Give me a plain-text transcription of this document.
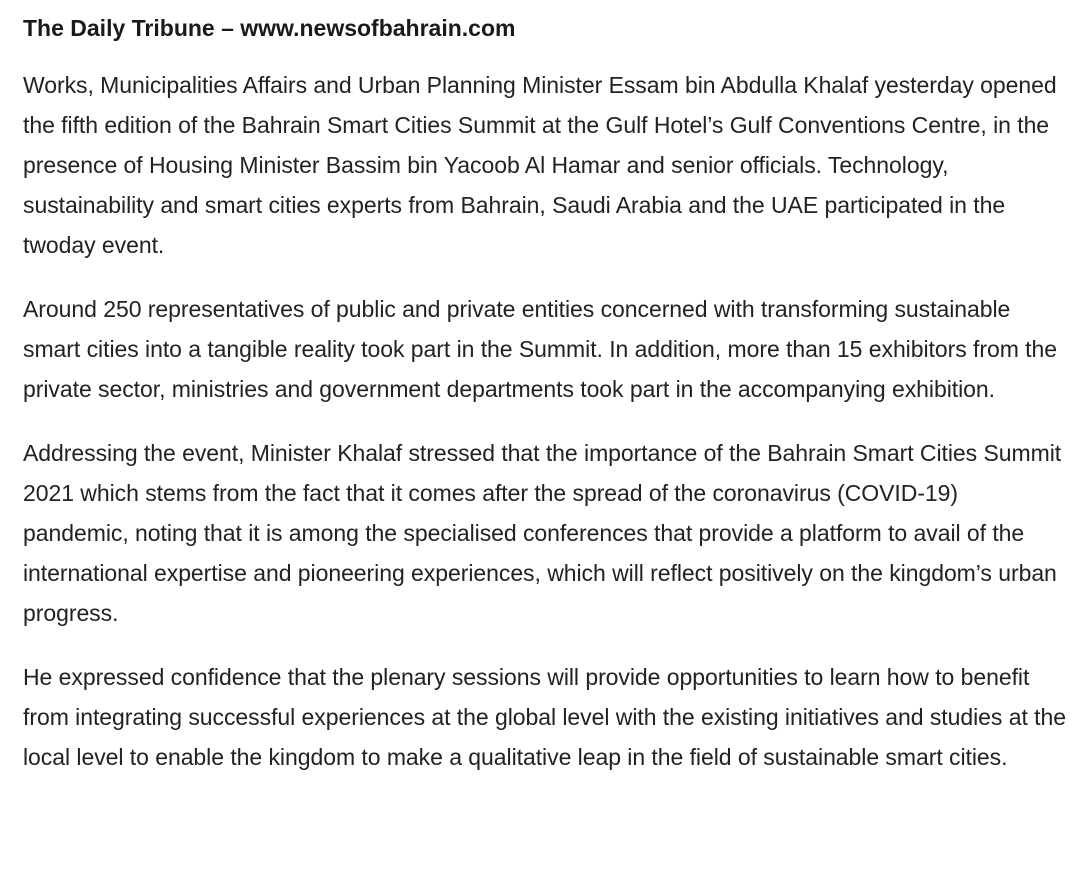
The Daily Tribune – www.newsofbahrain.com

Works, Municipalities Affairs and Urban Planning Minister Essam bin Abdulla Khalaf yesterday opened the fifth edition of the Bahrain Smart Cities Summit at the Gulf Hotel’s Gulf Conventions Centre, in the presence of Housing Minister Bassim bin Yacoob Al Hamar and senior officials. Technology, sustainability and smart cities experts from Bahrain, Saudi Arabia and the UAE participated in the twoday event.

Around 250 representatives of public and private entities concerned with transforming sustainable smart cities into a tangible reality took part in the Summit. In addition, more than 15 exhibitors from the private sector, ministries and government departments took part in the accompanying exhibition.

Addressing the event, Minister Khalaf stressed that the importance of the Bahrain Smart Cities Summit 2021 which stems from the fact that it comes after the spread of the coronavirus (COVID-19) pandemic, noting that it is among the specialised conferences that provide a platform to avail of the international expertise and pioneering experiences, which will reflect positively on the kingdom’s urban progress.

He expressed confidence that the plenary sessions will provide opportunities to learn how to benefit from integrating successful experiences at the global level with the existing initiatives and studies at the local level to enable the kingdom to make a qualitative leap in the field of sustainable smart cities.
